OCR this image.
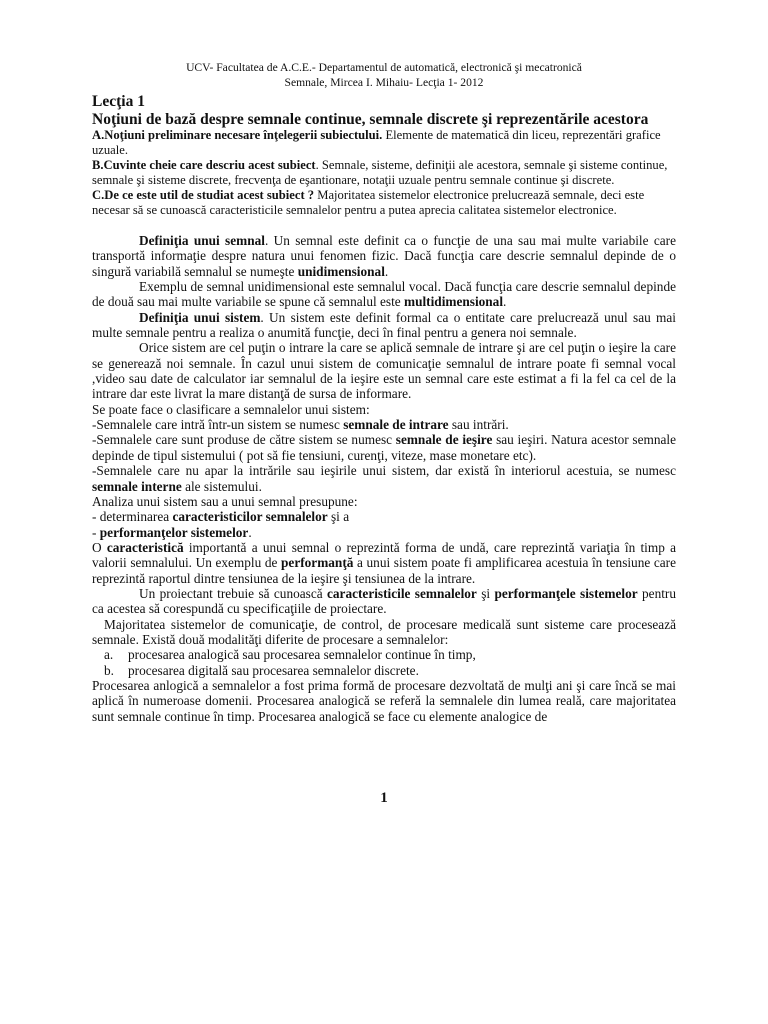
UCV- Facultatea de A.C.E.- Departamentul de automatică, electronică şi mecatronică
Semnale, Mircea I. Mihaiu- Lecţia 1- 2012
Lecţia 1
Noţiuni de bază despre semnale continue, semnale discrete şi reprezentările acestora

A.Noţiuni preliminare necesare înţelegerii subiectului. Elemente de matematică din liceu, reprezentări grafice uzuale.

B.Cuvinte cheie care descriu acest subiect. Semnale, sisteme, definiţii ale acestora, semnale şi sisteme continue, semnale şi sisteme discrete, frecvenţa de eşantionare, notaţii uzuale pentru semnale continue şi discrete.

C.De ce este util de studiat acest subiect ? Majoritatea sistemelor electronice prelucrează semnale, deci este necesar să se cunoască caracteristicile semnalelor pentru a putea aprecia calitatea sistemelor electronice.

Definiţia unui semnal. Un semnal este definit ca o funcţie de una sau mai multe variabile care transportă informaţie despre natura unui fenomen fizic. Dacă funcţia care descrie semnalul depinde de o singură variabilă semnalul se numeşte unidimensional.

Exemplu de semnal unidimensional este semnalul vocal. Dacă funcţia care descrie semnalul depinde de două sau mai multe variabile se spune că semnalul este multidimensional.

Definiţia unui sistem. Un sistem este definit formal ca o entitate care prelucrează unul sau mai multe semnale pentru a realiza o anumită funcţie, deci în final pentru a genera noi semnale.

Orice sistem are cel puţin o intrare la care se aplică semnale de intrare şi are cel puţin o ieşire la care se generează noi semnale. În cazul unui sistem de comunicaţie semnalul de intrare poate fi semnal vocal ,video sau date de calculator iar semnalul de la ieşire este un semnal care este estimat a fi la fel ca cel de la intrare dar este livrat la mare distanţă de sursa de informare.

Se poate face o clasificare a semnalelor unui sistem:

-Semnalele care intră într-un sistem se numesc semnale de intrare sau intrări.

-Semnalele care sunt produse de către sistem se numesc semnale de ieşire sau ieşiri. Natura acestor semnale depinde de tipul sistemului ( pot să fie tensiuni, curenţi, viteze, mase monetare etc).

-Semnalele care nu apar la intrările sau ieşirile unui sistem, dar există în interiorul acestuia, se numesc semnale interne ale sistemului.

Analiza unui sistem sau a unui semnal presupune:

- determinarea caracteristicilor semnalelor şi a

- performanţelor sistemelor.

O caracteristică importantă a unui semnal o reprezintă forma de undă, care reprezintă variaţia în timp a valorii semnalului. Un exemplu de performanţă a unui sistem poate fi amplificarea acestuia în tensiune care reprezintă raportul dintre tensiunea de la ieşire şi tensiunea de la intrare.

Un proiectant trebuie să cunoască caracteristicile semnalelor şi performanţele sistemelor pentru ca acestea să corespundă cu specificaţiile de proiectare.

Majoritatea sistemelor de comunicaţie, de control, de procesare medicală sunt sisteme care procesează semnale. Există două modalităţi diferite de procesare a semnalelor:

a. procesarea analogică sau procesarea semnalelor continue în timp,
b. procesarea digitală sau procesarea semnalelor discrete.

Procesarea anlogică a semnalelor a fost prima formă de procesare dezvoltată de mulţi ani şi care încă se mai aplică în numeroase domenii. Procesarea analogică se referă la semnalele din lumea reală, care majoritatea sunt semnale continue în timp. Procesarea analogică se face cu elemente analogice de

1
